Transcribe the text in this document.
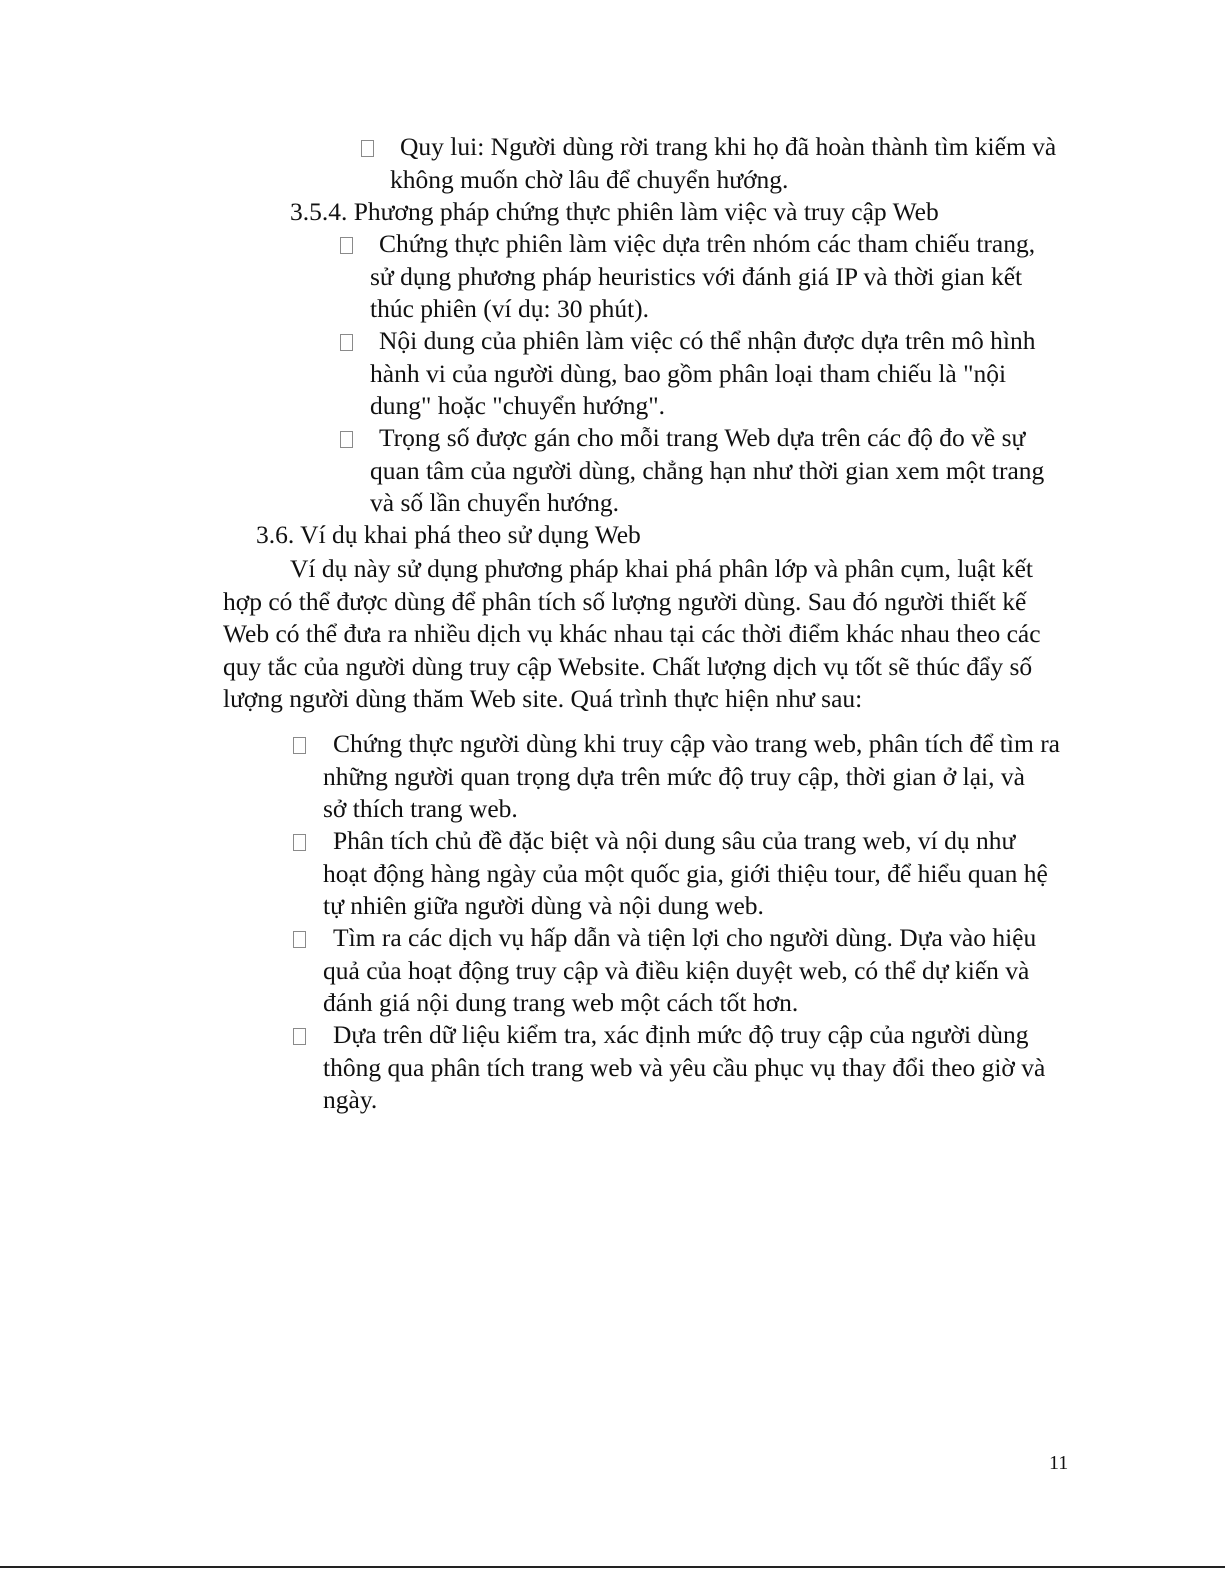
Quy lui: Người dùng rời trang khi họ đã hoàn thành tìm kiếm và
không muốn chờ lâu để chuyển hướng.
3.5.4. Phương pháp chứng thực phiên làm việc và truy cập Web
Chứng thực phiên làm việc dựa trên nhóm các tham chiếu trang,
sử dụng phương pháp heuristics với đánh giá IP và thời gian kết
thúc phiên (ví dụ: 30 phút).
Nội dung của phiên làm việc có thể nhận được dựa trên mô hình
hành vi của người dùng, bao gồm phân loại tham chiếu là "nội
dung" hoặc "chuyển hướng".
Trọng số được gán cho mỗi trang Web dựa trên các độ đo về sự
quan tâm của người dùng, chẳng hạn như thời gian xem một trang
và số lần chuyển hướng.
3.6. Ví dụ khai phá theo sử dụng Web
Ví dụ này sử dụng phương pháp khai phá phân lớp và phân cụm, luật kết
hợp có thể được dùng để phân tích số lượng người dùng. Sau đó người thiết kế
Web có thể đưa ra nhiều dịch vụ khác nhau tại các thời điểm khác nhau theo các
quy tắc của người dùng truy cập Website. Chất lượng dịch vụ tốt sẽ thúc đẩy số
lượng người dùng thăm Web site. Quá trình thực hiện như sau:
Chứng thực người dùng khi truy cập vào trang web, phân tích để tìm ra
những người quan trọng dựa trên mức độ truy cập, thời gian ở lại, và
sở thích trang web.
Phân tích chủ đề đặc biệt và nội dung sâu của trang web, ví dụ như
hoạt động hàng ngày của một quốc gia, giới thiệu tour, để hiểu quan hệ
tự nhiên giữa người dùng và nội dung web.
Tìm ra các dịch vụ hấp dẫn và tiện lợi cho người dùng. Dựa vào hiệu
quả của hoạt động truy cập và điều kiện duyệt web, có thể dự kiến và
đánh giá nội dung trang web một cách tốt hơn.
Dựa trên dữ liệu kiểm tra, xác định mức độ truy cập của người dùng
thông qua phân tích trang web và yêu cầu phục vụ thay đổi theo giờ và
ngày.
11
